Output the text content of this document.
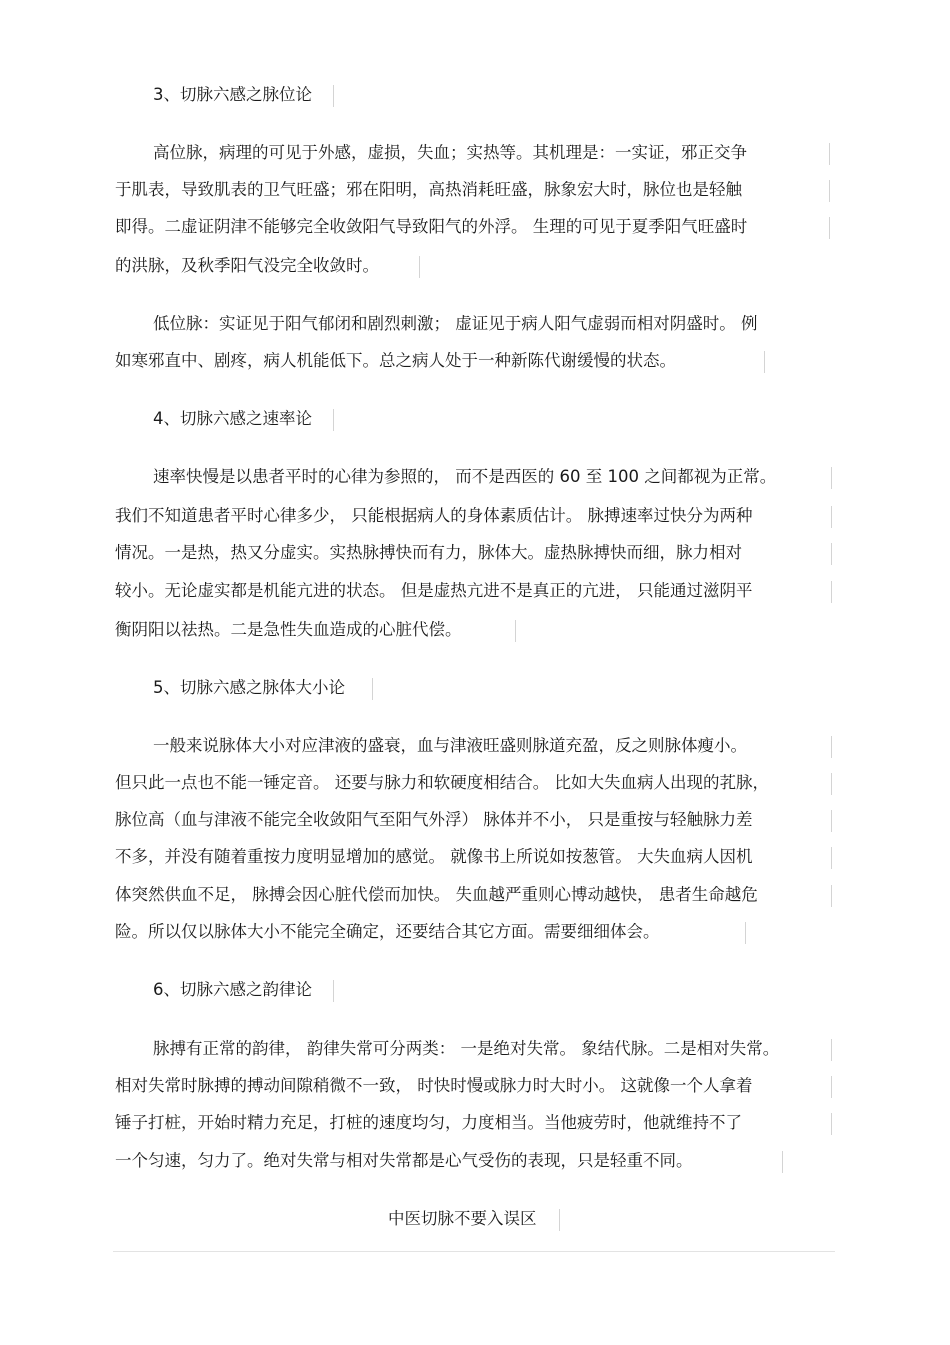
3、切脉六感之脉位论
高位脉，病理的可见于外感，虚损，失血；实热等。其机理是：一实证，邪正交争
于肌表，导致肌表的卫气旺盛；邪在阳明，高热消耗旺盛，脉象宏大时，脉位也是轻触
即得。二虚证阴津不能够完全收敛阳气导致阳气的外浮。 生理的可见于夏季阳气旺盛时
的洪脉，及秋季阳气没完全收敛时。
低位脉：实证见于阳气郁闭和剧烈刺激； 虚证见于病人阳气虚弱而相对阴盛时。 例
如寒邪直中、剧疼，病人机能低下。总之病人处于一种新陈代谢缓慢的状态。
4、切脉六感之速率论
速率快慢是以患者平时的心律为参照的， 而不是西医的 60 至 100 之间都视为正常。
我们不知道患者平时心律多少， 只能根据病人的身体素质估计。 脉搏速率过快分为两种
情况。一是热，热又分虚实。实热脉搏快而有力，脉体大。虚热脉搏快而细，脉力相对
较小。无论虚实都是机能亢进的状态。 但是虚热亢进不是真正的亢进， 只能通过滋阴平
衡阴阳以祛热。二是急性失血造成的心脏代偿。
5、切脉六感之脉体大小论
一般来说脉体大小对应津液的盛衰，血与津液旺盛则脉道充盈，反之则脉体瘦小。
但只此一点也不能一锤定音。 还要与脉力和软硬度相结合。 比如大失血病人出现的芤脉，
脉位高（血与津液不能完全收敛阳气至阳气外浮） 脉体并不小， 只是重按与轻触脉力差
不多，并没有随着重按力度明显增加的感觉。 就像书上所说如按葱管。 大失血病人因机
体突然供血不足， 脉搏会因心脏代偿而加快。 失血越严重则心博动越快， 患者生命越危
险。所以仅以脉体大小不能完全确定，还要结合其它方面。需要细细体会。
6、切脉六感之韵律论
脉搏有正常的韵律， 韵律失常可分两类： 一是绝对失常。 象结代脉。二是相对失常。
相对失常时脉搏的搏动间隙稍微不一致， 时快时慢或脉力时大时小。 这就像一个人拿着
锤子打桩，开始时精力充足，打桩的速度均匀，力度相当。当他疲劳时，他就维持不了
一个匀速，匀力了。绝对失常与相对失常都是心气受伤的表现，只是轻重不同。
中医切脉不要入误区
